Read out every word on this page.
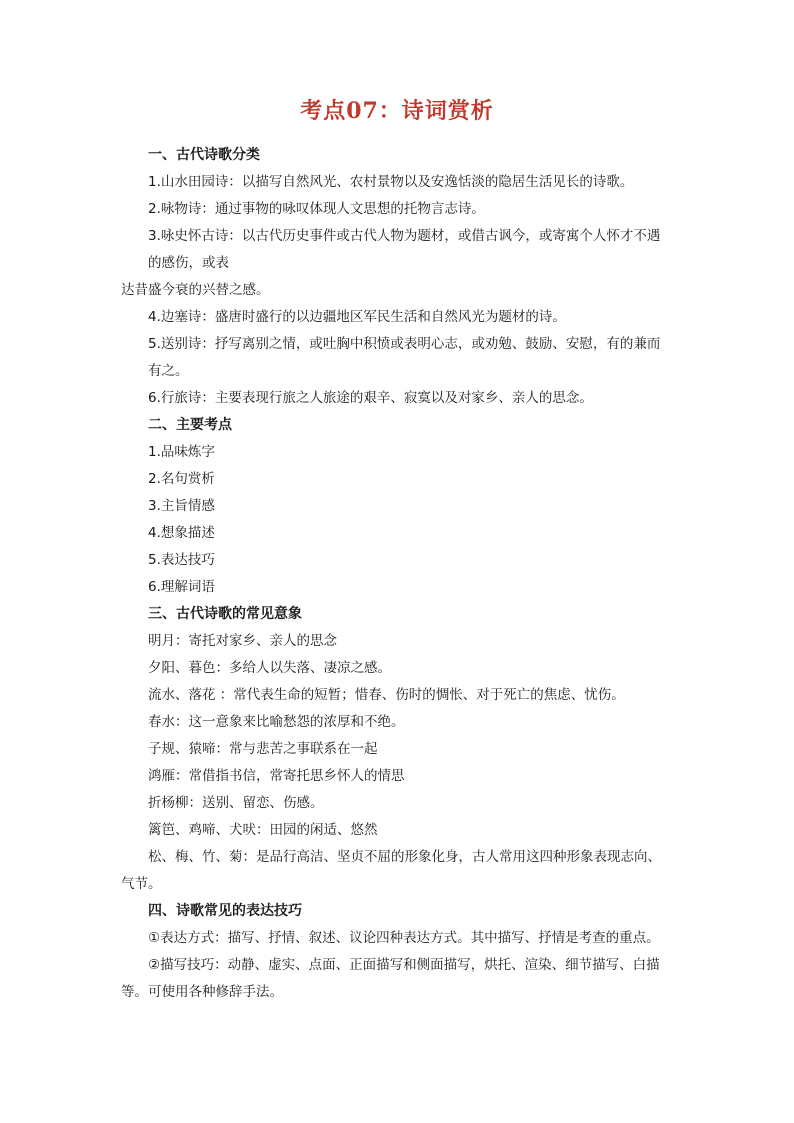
考点07：诗词赏析
一、古代诗歌分类
1.山水田园诗：以描写自然风光、农村景物以及安逸恬淡的隐居生活见长的诗歌。
2.咏物诗：通过事物的咏叹体现人文思想的托物言志诗。
3.咏史怀古诗：以古代历史事件或古代人物为题材，或借古讽今，或寄寓个人怀才不遇
的感伤，或表
达昔盛今衰的兴替之感。
4.边塞诗：盛唐时盛行的以边疆地区军民生活和自然风光为题材的诗。
5.送别诗：抒写离别之情，或吐胸中积愤或表明心志，或劝勉、鼓励、安慰，有的兼而
有之。
6.行旅诗：主要表现行旅之人旅途的艰辛、寂寞以及对家乡、亲人的思念。
二、主要考点
1.品味炼字
2.名句赏析
3.主旨情感
4.想象描述
5.表达技巧
6.理解词语
三、古代诗歌的常见意象
明月：寄托对家乡、亲人的思念
夕阳、暮色：多给人以失落、凄凉之感。
流水、落花 ：常代表生命的短暂；惜春、伤时的惆怅、对于死亡的焦虑、忧伤。
春水：这一意象来比喻愁怨的浓厚和不绝。
子规、猿啼：常与悲苦之事联系在一起
鸿雁：常借指书信，常寄托思乡怀人的情思
折杨柳：送别、留恋、伤感。
篱笆、鸡啼、犬吠：田园的闲适、悠然
松、梅、竹、菊：是品行高洁、坚贞不屈的形象化身，古人常用这四种形象表现志向、
气节。
四、诗歌常见的表达技巧
①表达方式：描写、抒情、叙述、议论四种表达方式。其中描写、抒情是考查的重点。
②描写技巧：动静、虚实、点面、正面描写和侧面描写，烘托、渲染、细节描写、白描
等。可使用各种修辞手法。
